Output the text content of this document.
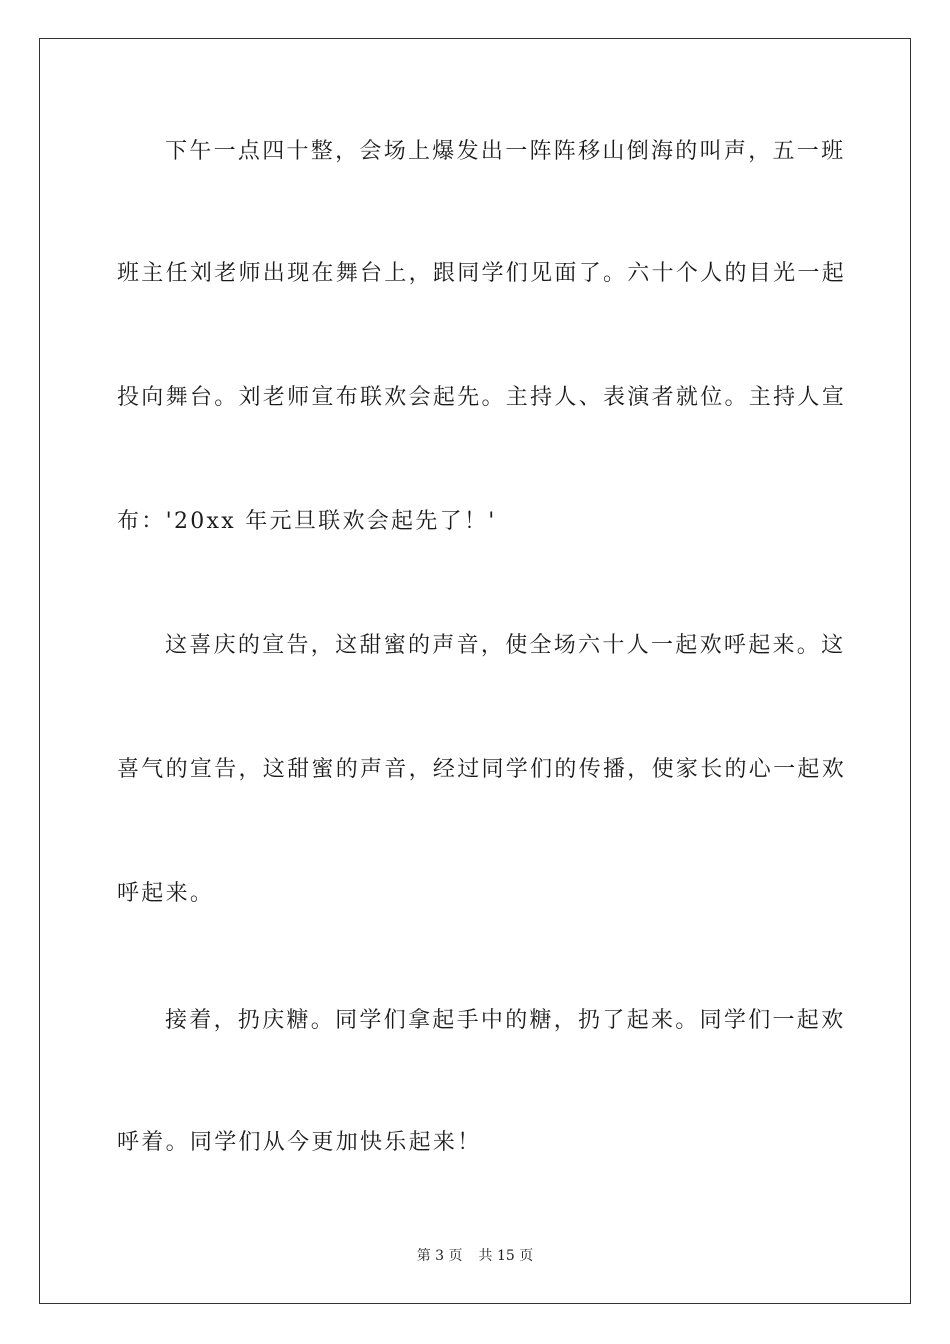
下午一点四十整，会场上爆发出一阵阵移山倒海的叫声，五一班
班主任刘老师出现在舞台上，跟同学们见面了。六十个人的目光一起
投向舞台。刘老师宣布联欢会起先。主持人、表演者就位。主持人宣
布：'20xx 年元旦联欢会起先了！'
这喜庆的宣告，这甜蜜的声音，使全场六十人一起欢呼起来。这
喜气的宣告，这甜蜜的声音，经过同学们的传播，使家长的心一起欢
呼起来。
接着，扔庆糖。同学们拿起手中的糖，扔了起来。同学们一起欢
呼着。同学们从今更加快乐起来！
第 3 页 共 15 页
